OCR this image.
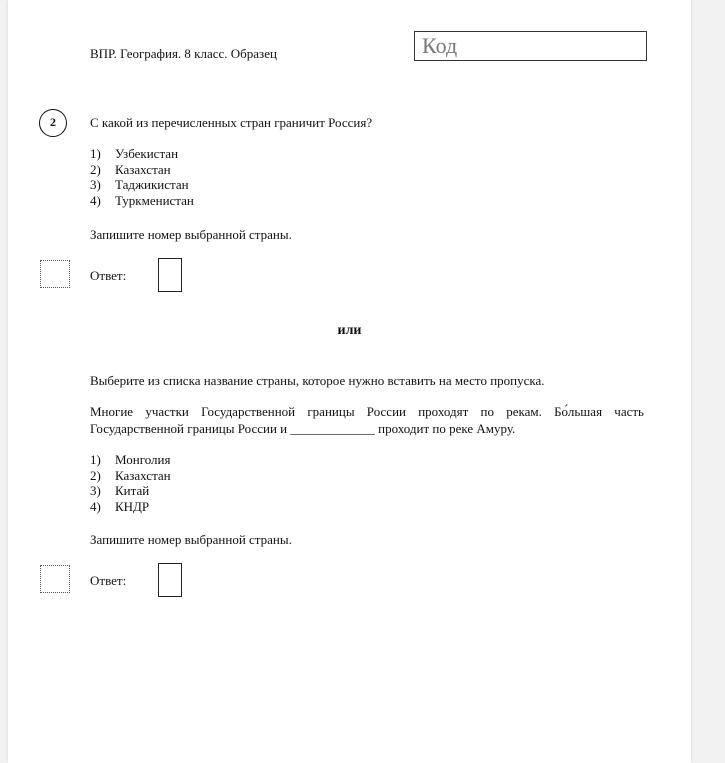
ВПР. География. 8 класс. Образец	Код
2	С какой из перечисленных стран граничит Россия?
1)	Узбекистан
2)	Казахстан
3)	Таджикистан
4)	Туркменистан
Запишите номер выбранной страны.
Ответ:
или
Выберите из списка название страны, которое нужно вставить на место пропуска.
Многие участки Государственной границы России проходят по рекам. Бо́льшая часть Государственной границы России и _____________ проходит по реке Амуру.
1)	Монголия
2)	Казахстан
3)	Китай
4)	КНДР
Запишите номер выбранной страны.
Ответ:
